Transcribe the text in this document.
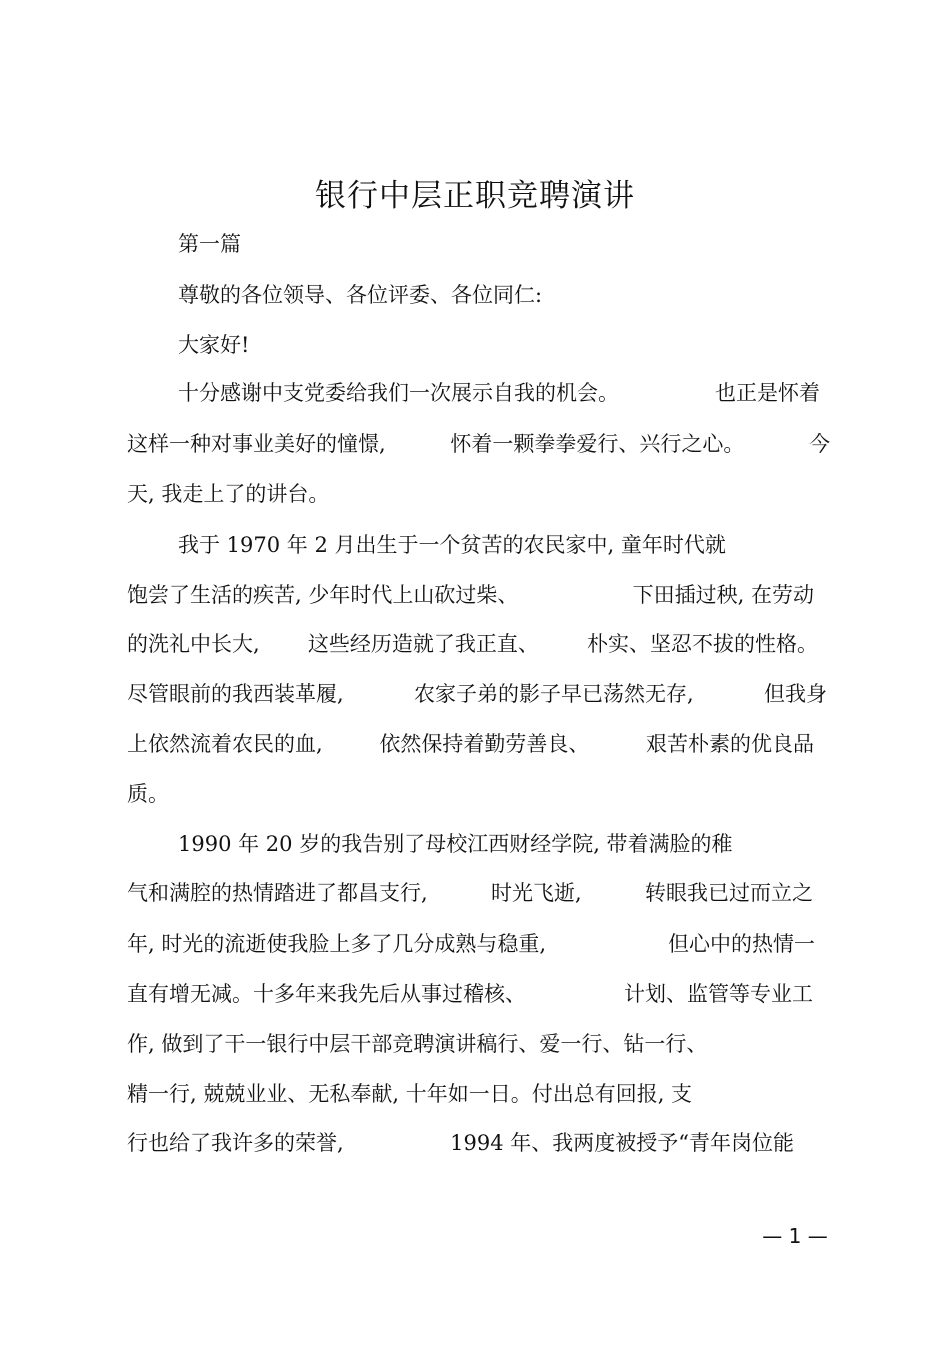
银行中层正职竞聘演讲
第一篇
尊敬的各位领导、各位评委、各位同仁:
大家好!
十分感谢中支党委给我们一次展示自我的机会。	也正是怀着
这样一种对事业美好的憧憬,	怀着一颗拳拳爱行、兴行之心。	今
天, 我走上了的讲台。
我于 1970 年 2 月出生于一个贫苦的农民家中, 童年时代就
饱尝了生活的疾苦, 少年时代上山砍过柴、	下田插过秧, 在劳动
的洗礼中长大, 这些经历造就了我正直、 朴实、坚忍不拔的性格。
尽管眼前的我西装革履,	农家子弟的影子早已荡然无存,	但我身
上依然流着农民的血,	依然保持着勤劳善良、	艰苦朴素的优良品
质。
1990 年 20 岁的我告别了母校江西财经学院, 带着满脸的稚
气和满腔的热情踏进了都昌支行,	时光飞逝,	转眼我已过而立之
年, 时光的流逝使我脸上多了几分成熟与稳重,	但心中的热情一
直有增无减。十多年来我先后从事过稽核、	计划、监管等专业工
作, 做到了干一银行中层干部竞聘演讲稿行、爱一行、钻一行、
精一行, 兢兢业业、无私奉献, 十年如一日。付出总有回报, 支
行也给了我许多的荣誉,	1994 年、我两度被授予“青年岗位能
— 1 —
